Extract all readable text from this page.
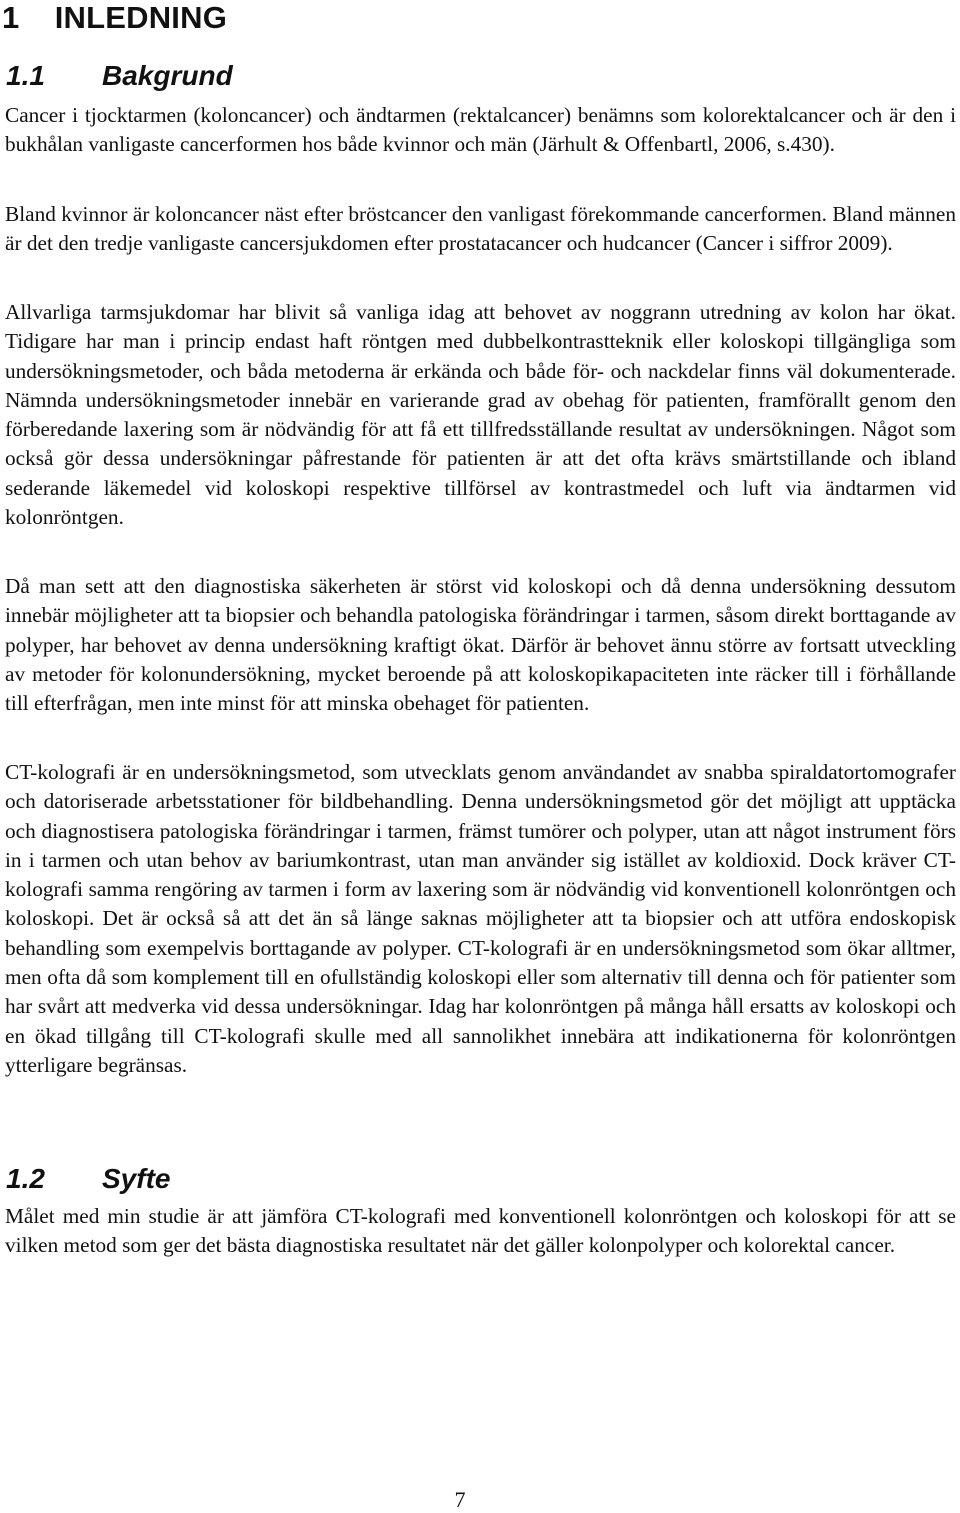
1 INLEDNING
1.1 Bakgrund

Cancer i tjocktarmen (koloncancer) och ändtarmen (rektalcancer) benämns som kolorektalcancer och är den i bukhålan vanligaste cancerformen hos både kvinnor och män (Järhult & Offenbartl, 2006, s.430).

Bland kvinnor är koloncancer näst efter bröstcancer den vanligast förekommande cancerformen. Bland männen är det den tredje vanligaste cancersjukdomen efter prostatacancer och hudcancer (Cancer i siffror 2009).

Allvarliga tarmsjukdomar har blivit så vanliga idag att behovet av noggrann utredning av kolon har ökat. Tidigare har man i princip endast haft röntgen med dubbelkontrastteknik eller koloskopi tillgängliga som undersökningsmetoder, och båda metoderna är erkända och både för- och nackdelar finns väl dokumenterade. Nämnda undersökningsmetoder innebär en varierande grad av obehag för patienten, framförallt genom den förberedande laxering som är nödvändig för att få ett tillfredsställande resultat av undersökningen. Något som också gör dessa undersökningar påfrestande för patienten är att det ofta krävs smärtstillande och ibland sederande läkemedel vid koloskopi respektive tillförsel av kontrastmedel och luft via ändtarmen vid kolonröntgen.

Då man sett att den diagnostiska säkerheten är störst vid koloskopi och då denna undersökning dessutom innebär möjligheter att ta biopsier och behandla patologiska förändringar i tarmen, såsom direkt borttagande av polyper, har behovet av denna undersökning kraftigt ökat. Därför är behovet ännu större av fortsatt utveckling av metoder för kolonundersökning, mycket beroende på att koloskopikapaciteten inte räcker till i förhållande till efterfrågan, men inte minst för att minska obehaget för patienten.

CT-kolografi är en undersökningsmetod, som utvecklats genom användandet av snabba spiraldatortomografer och datoriserade arbetsstationer för bildbehandling. Denna undersökningsmetod gör det möjligt att upptäcka och diagnostisera patologiska förändringar i tarmen, främst tumörer och polyper, utan att något instrument förs in i tarmen och utan behov av bariumkontrast, utan man använder sig istället av koldioxid. Dock kräver CT-kolografi samma rengöring av tarmen i form av laxering som är nödvändig vid konventionell kolonröntgen och koloskopi. Det är också så att det än så länge saknas möjligheter att ta biopsier och att utföra endoskopisk behandling som exempelvis borttagande av polyper. CT-kolografi är en undersökningsmetod som ökar alltmer, men ofta då som komplement till en ofullständig koloskopi eller som alternativ till denna och för patienter som har svårt att medverka vid dessa undersökningar. Idag har kolonröntgen på många håll ersatts av koloskopi och en ökad tillgång till CT-kolografi skulle med all sannolikhet innebära att indikationerna för kolonröntgen ytterligare begränsas.

1.2 Syfte

Målet med min studie är att jämföra CT-kolografi med konventionell kolonröntgen och koloskopi för att se vilken metod som ger det bästa diagnostiska resultatet när det gäller kolonpolyper och kolorektal cancer.

7
